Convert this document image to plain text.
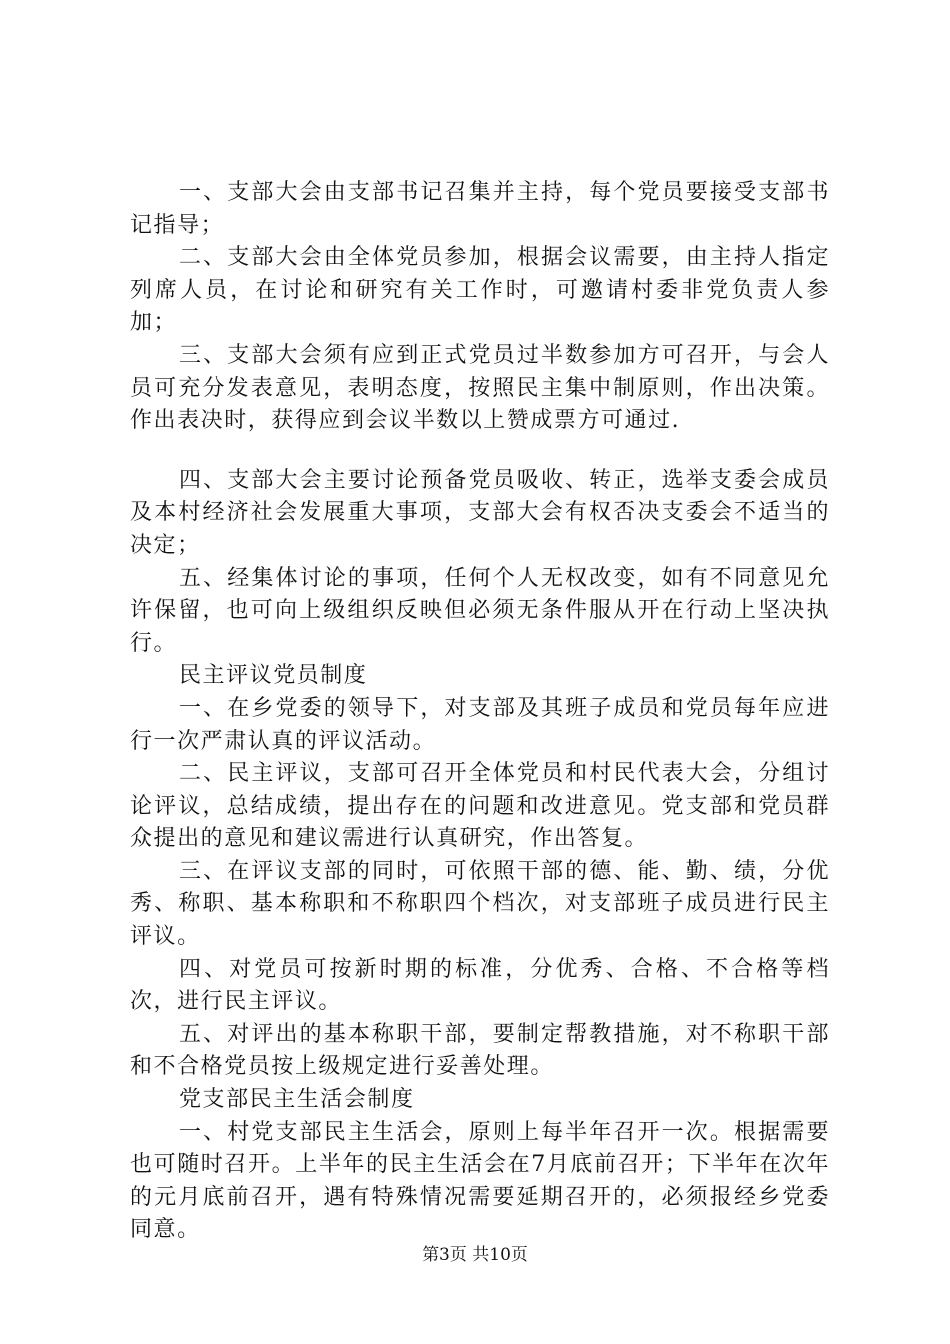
一、支部大会由支部书记召集并主持，每个党员要接受支部书记指导；

二、支部大会由全体党员参加，根据会议需要，由主持人指定列席人员，在讨论和研究有关工作时，可邀请村委非党负责人参加；

三、支部大会须有应到正式党员过半数参加方可召开，与会人员可充分发表意见，表明态度，按照民主集中制原则，作出决策。作出表决时，获得应到会议半数以上赞成票方可通过.

四、支部大会主要讨论预备党员吸收、转正，选举支委会成员及本村经济社会发展重大事项，支部大会有权否决支委会不适当的决定；

五、经集体讨论的事项，任何个人无权改变，如有不同意见允许保留，也可向上级组织反映但必须无条件服从开在行动上坚决执行。

民主评议党员制度

一、在乡党委的领导下，对支部及其班子成员和党员每年应进行一次严肃认真的评议活动。

二、民主评议，支部可召开全体党员和村民代表大会，分组讨论评议，总结成绩，提出存在的问题和改进意见。党支部和党员群众提出的意见和建议需进行认真研究，作出答复。

三、在评议支部的同时，可依照干部的德、能、勤、绩，分优秀、称职、基本称职和不称职四个档次，对支部班子成员进行民主评议。

四、对党员可按新时期的标准，分优秀、合格、不合格等档次，进行民主评议。

五、对评出的基本称职干部，要制定帮教措施，对不称职干部和不合格党员按上级规定进行妥善处理。

党支部民主生活会制度

一、村党支部民主生活会，原则上每半年召开一次。根据需要也可随时召开。上半年的民主生活会在7月底前召开；下半年在次年的元月底前召开，遇有特殊情况需要延期召开的，必须报经乡党委同意。

第3页 共10页
